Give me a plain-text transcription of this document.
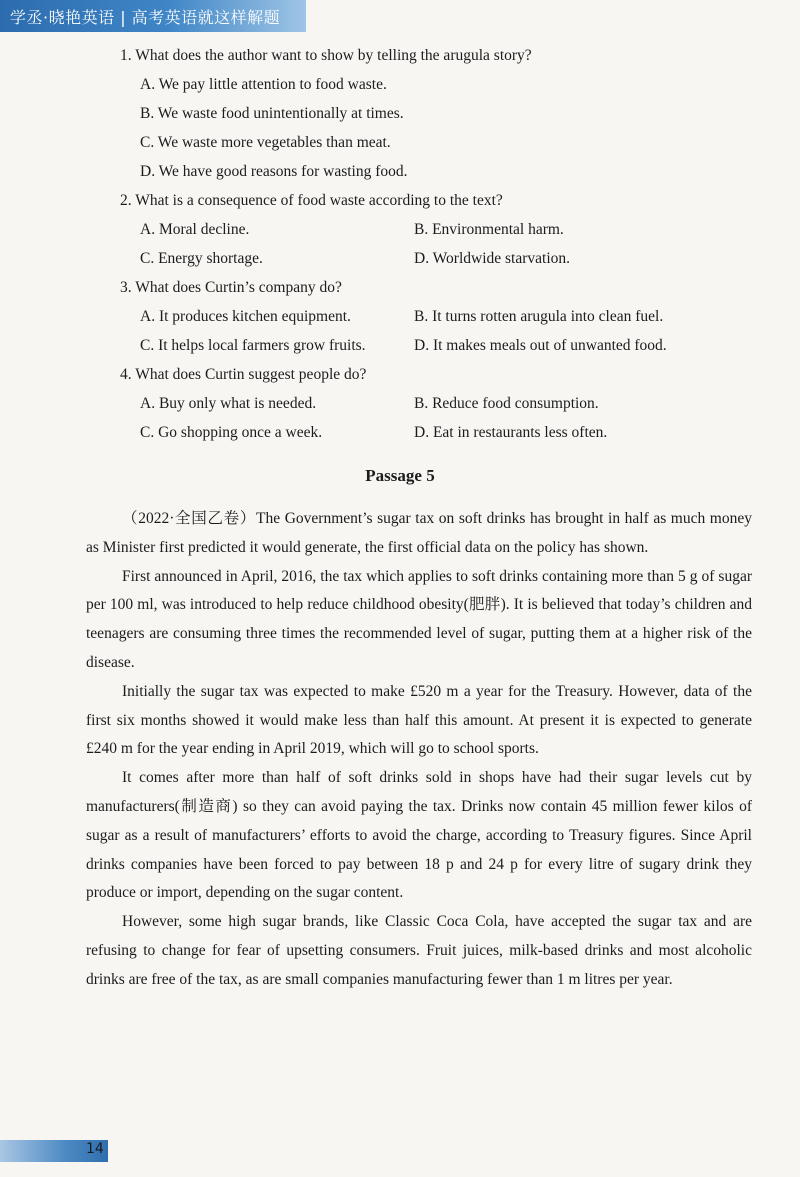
学丞·晓艳英语 | 高考英语就这样解题
1. What does the author want to show by telling the arugula story?
A. We pay little attention to food waste.
B. We waste food unintentionally at times.
C. We waste more vegetables than meat.
D. We have good reasons for wasting food.
2. What is a consequence of food waste according to the text?
A. Moral decline.	B. Environmental harm.
C. Energy shortage.	D. Worldwide starvation.
3. What does Curtin’s company do?
A. It produces kitchen equipment.	B. It turns rotten arugula into clean fuel.
C. It helps local farmers grow fruits.	D. It makes meals out of unwanted food.
4. What does Curtin suggest people do?
A. Buy only what is needed.	B. Reduce food consumption.
C. Go shopping once a week.	D. Eat in restaurants less often.
Passage 5

（2022·全国乙卷）The Government’s sugar tax on soft drinks has brought in half as much money as Minister first predicted it would generate, the first official data on the policy has shown.

First announced in April, 2016, the tax which applies to soft drinks containing more than 5 g of sugar per 100 ml, was introduced to help reduce childhood obesity(肥胖). It is believed that today’s children and teenagers are consuming three times the recommended level of sugar, putting them at a higher risk of the disease.

Initially the sugar tax was expected to make £520 m a year for the Treasury. However, data of the first six months showed it would make less than half this amount. At present it is expected to generate £240 m for the year ending in April 2019, which will go to school sports.

It comes after more than half of soft drinks sold in shops have had their sugar levels cut by manufacturers(制造商) so they can avoid paying the tax. Drinks now contain 45 million fewer kilos of sugar as a result of manufacturers’ efforts to avoid the charge, according to Treasury figures. Since April drinks companies have been forced to pay between 18 p and 24 p for every litre of sugary drink they produce or import, depending on the sugar content.

However, some high sugar brands, like Classic Coca Cola, have accepted the sugar tax and are refusing to change for fear of upsetting consumers. Fruit juices, milk-based drinks and most alcoholic drinks are free of the tax, as are small companies manufacturing fewer than 1 m litres per year.

14
